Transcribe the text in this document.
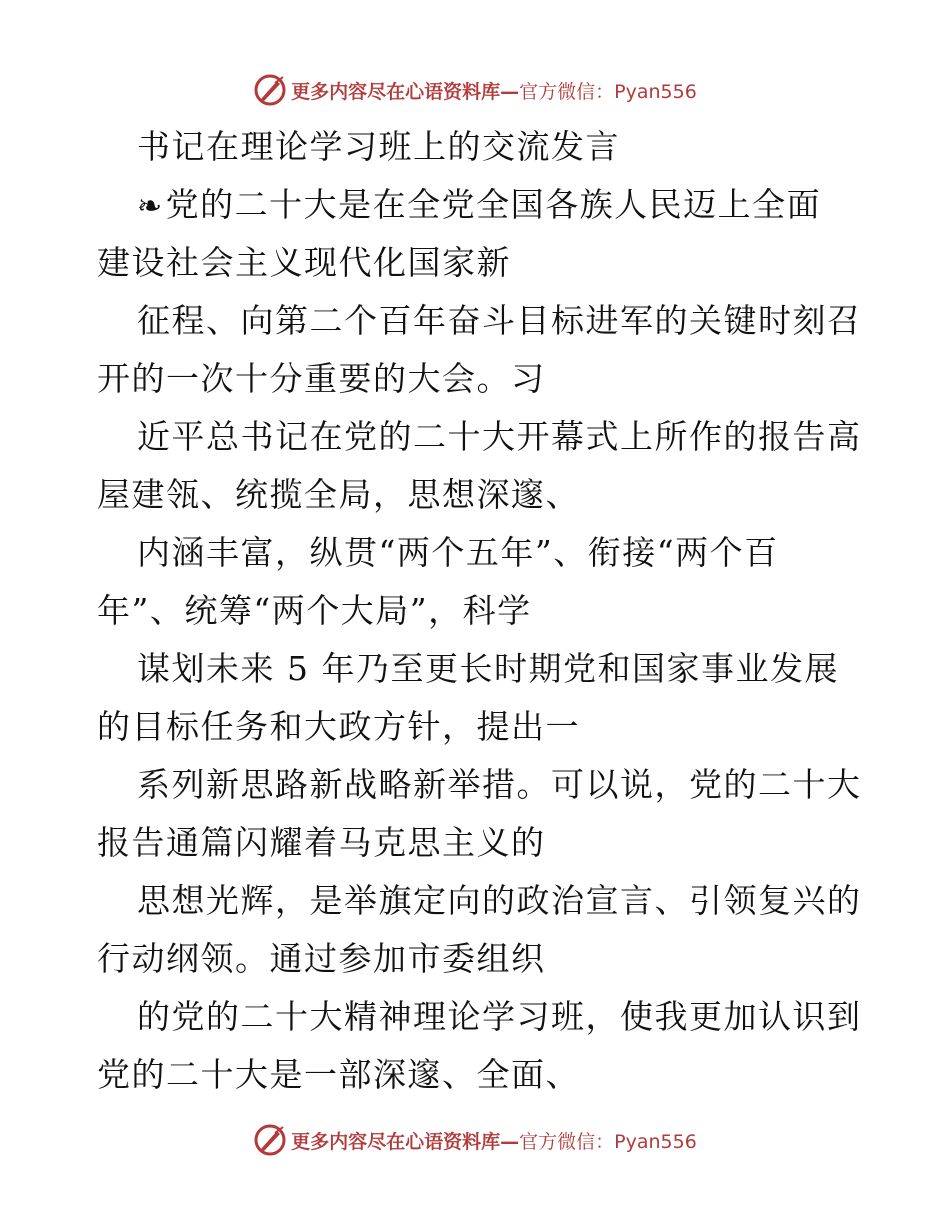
更多内容尽在心语资料库—官方微信：Pyan556
书记在理论学习班上的交流发言
❧党的二十大是在全党全国各族人民迈上全面
建设社会主义现代化国家新
征程、向第二个百年奋斗目标进军的关键时刻召
开的一次十分重要的大会。习
近平总书记在党的二十大开幕式上所作的报告高
屋建瓴、统揽全局，思想深邃、
内涵丰富，纵贯“两个五年”、衔接“两个百
年”、统筹“两个大局”，科学
谋划未来 5 年乃至更长时期党和国家事业发展
的目标任务和大政方针，提出一
系列新思路新战略新举措。可以说，党的二十大
报告通篇闪耀着马克思主义的
思想光辉，是举旗定向的政治宣言、引领复兴的
行动纲领。通过参加市委组织
的党的二十大精神理论学习班，使我更加认识到
党的二十大是一部深邃、全面、
更多内容尽在心语资料库—官方微信：Pyan556
